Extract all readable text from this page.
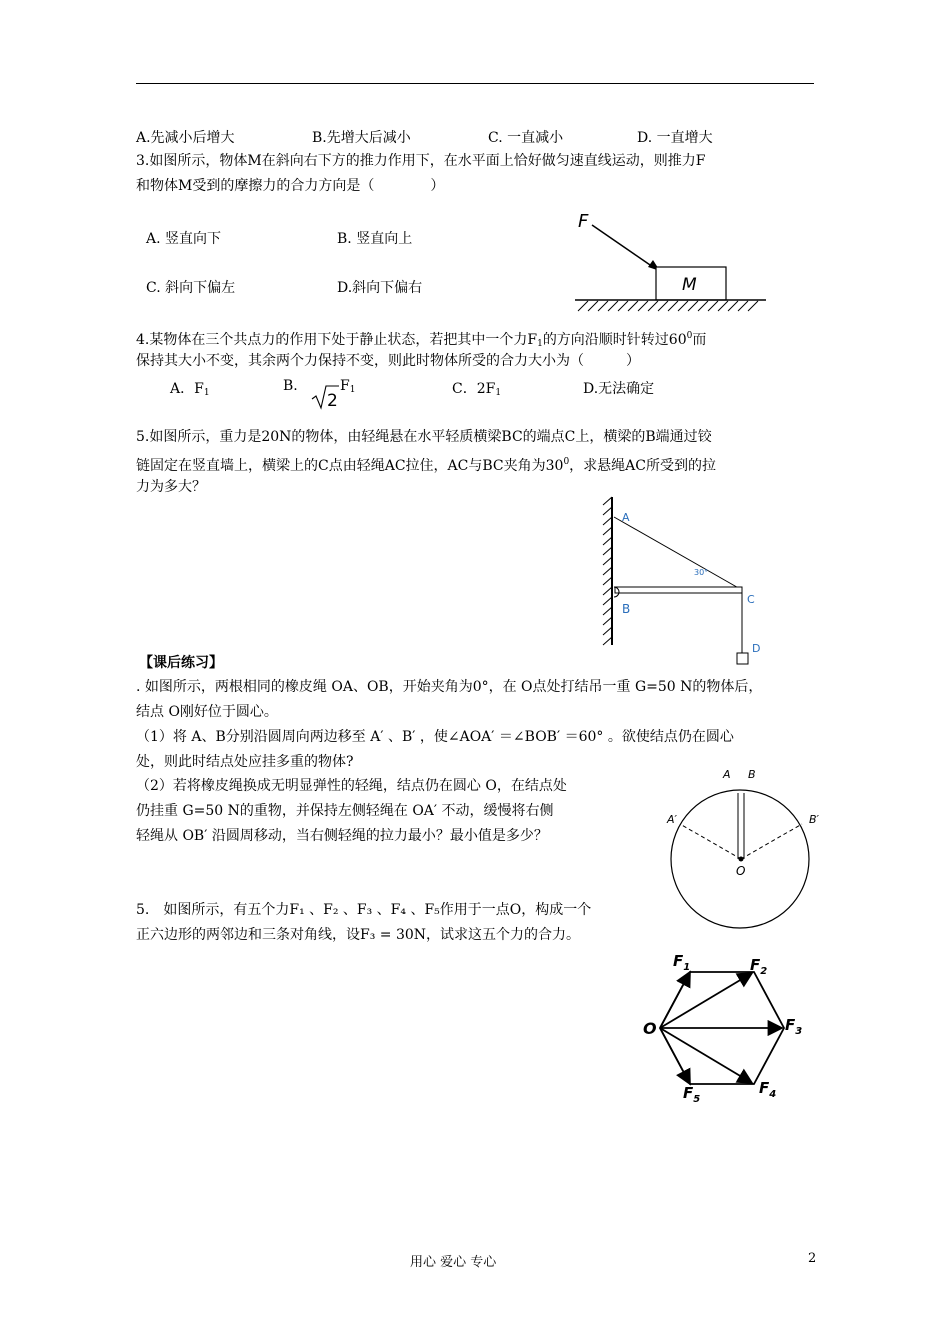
A.先减小后增大	B.先增大后减小	C. 一直减小	D. 一直增大
3.如图所示，物体M在斜向右下方的推力作用下，在水平面上恰好做匀速直线运动，则推力F
和物体M受到的摩擦力的合力方向是（　　　　）
A. 竖直向下	B. 竖直向上
C. 斜向下偏左	D.斜向下偏右
F
M
4.某物体在三个共点力的作用下处于静止状态，若把其中一个力$F_1$的方向沿顺时针转过$60^0$而
保持其大小不变，其余两个力保持不变，则此时物体所受的合力大小为（　　　）
A．$F_1$	B.
2
$F_1$	C．$2F_1$	D.无法确定
5.如图所示，重力是20N的物体，由轻绳悬在水平轻质横梁BC的端点C上，横梁的B端通过铰
链固定在竖直墙上，横梁上的C点由轻绳AC拉住，AC与BC夹角为$30^0$，求悬绳AC所受到的拉
力为多大？
A
B
C
D
30°
【课后练习】
. 如图所示，两根相同的橡皮绳 OA、OB，开始夹角为0°，在 O点处打结吊一重 G=50 N的物体后，
结点 O刚好位于圆心。
（1）将 A、B分别沿圆周向两边移至 A′ 、B′ ，使∠AOA′ ＝∠BOB′ ＝60° 。欲使结点仍在圆心
处，则此时结点处应挂多重的物体?
（2）若将橡皮绳换成无明显弹性的轻绳，结点仍在圆心 O，在结点处
仍挂重 G=50 N的重物，并保持左侧轻绳在 OA′ 不动，缓慢将右侧
轻绳从 OB′ 沿圆周移动，当右侧轻绳的拉力最小？最小值是多少？
A B
A′	B′
O
5.　如图所示，有五个力F₁ 、F₂ 、F₃ 、F₄ 、F₅作用于一点O，构成一个
正六边形的两邻边和三条对角线，设F₃ = 30N，试求这五个力的合力。
O
$F_1$	$F_2$
$F_3$
$F_4$
$F_5$
用心 爱心 专心	2
